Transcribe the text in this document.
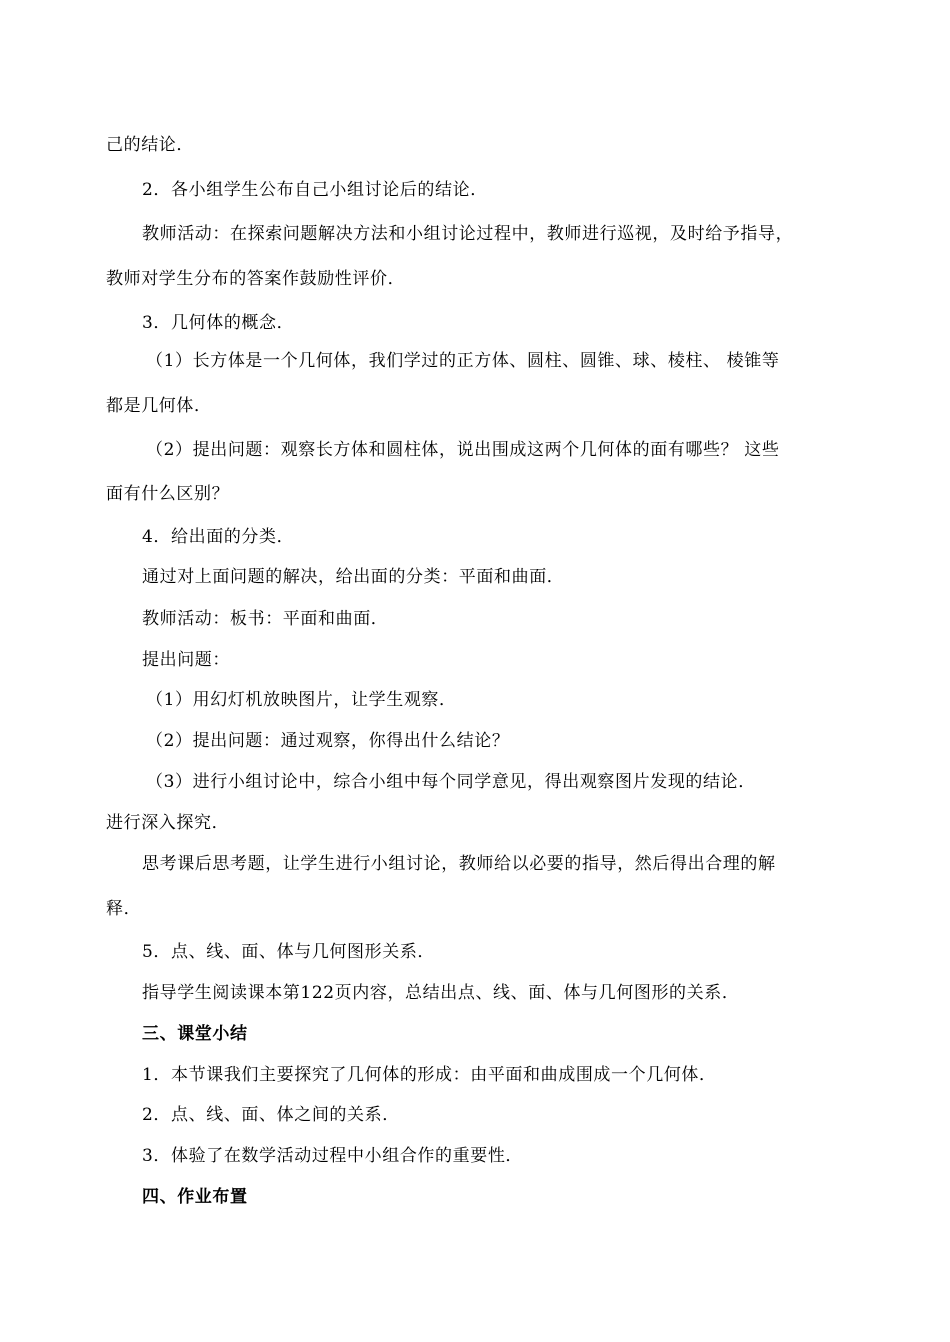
己的结论．

2．各小组学生公布自己小组讨论后的结论．

教师活动：在探索问题解决方法和小组讨论过程中，教师进行巡视，及时给予指导，

教师对学生分布的答案作鼓励性评价．

3．几何体的概念．

（1）长方体是一个几何体，我们学过的正方体、圆柱、圆锥、球、棱柱、 棱锥等

都是几何体．

（2）提出问题：观察长方体和圆柱体，说出围成这两个几何体的面有哪些？ 这些

面有什么区别？

4．给出面的分类．

通过对上面问题的解决，给出面的分类：平面和曲面．

教师活动：板书：平面和曲面．

提出问题：

（1）用幻灯机放映图片，让学生观察．

（2）提出问题：通过观察，你得出什么结论？

（3）进行小组讨论中，综合小组中每个同学意见，得出观察图片发现的结论．

进行深入探究．

思考课后思考题，让学生进行小组讨论，教师给以必要的指导，然后得出合理的解

释．

5．点、线、面、体与几何图形关系．

指导学生阅读课本第122页内容，总结出点、线、面、体与几何图形的关系．

三、课堂小结

1．本节课我们主要探究了几何体的形成：由平面和曲成围成一个几何体．

2．点、线、面、体之间的关系．

3．体验了在数学活动过程中小组合作的重要性．

四、作业布置
